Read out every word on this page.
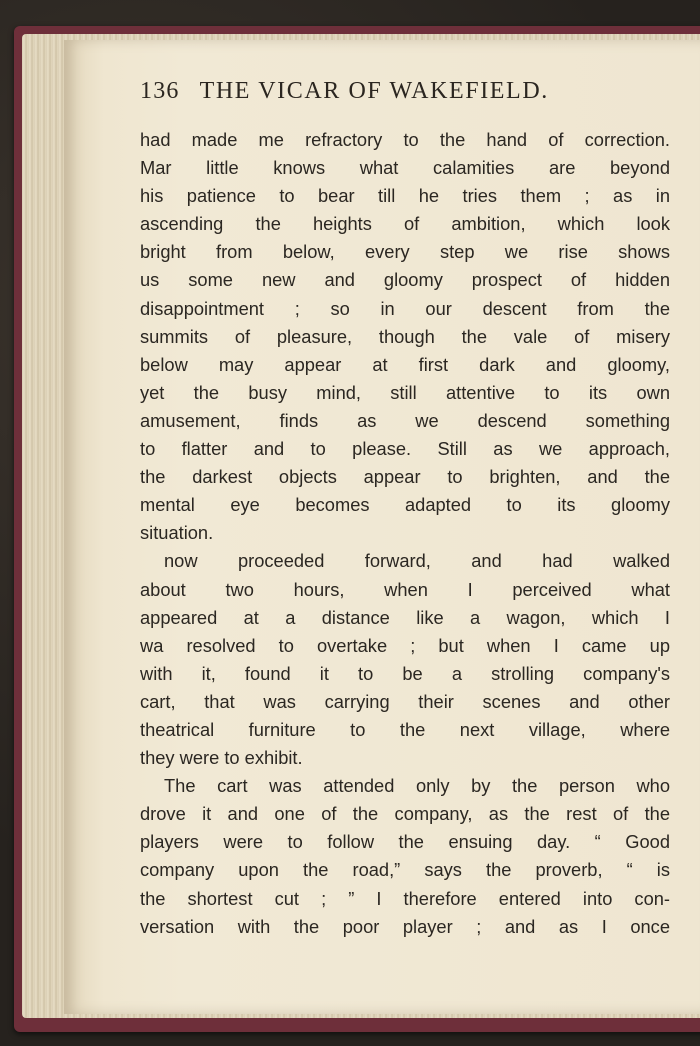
136 THE VICAR OF WAKEFIELD.
had made me refractory to the hand of correction.
Mar little knows what calamities are beyond
his patience to bear till he tries them ; as in
ascending the heights of ambition, which look
bright from below, every step we rise shows
us some new and gloomy prospect of hidden
disappointment ; so in our descent from the
summits of pleasure, though the vale of misery
below may appear at first dark and gloomy,
yet the busy mind, still attentive to its own
amusement, finds as we descend something
to flatter and to please. Still as we approach,
the darkest objects appear to brighten, and the
mental eye becomes adapted to its gloomy
situation.
now proceeded forward, and had walked
about two hours, when I perceived what
appeared at a distance like a wagon, which I
wa resolved to overtake ; but when I came up
with it, found it to be a strolling company's
cart, that was carrying their scenes and other
theatrical furniture to the next village, where
they were to exhibit.
The cart was attended only by the person who
drove it and one of the company, as the rest of the
players were to follow the ensuing day. “ Good
company upon the road,” says the proverb, “ is
the shortest cut ; ” I therefore entered into con-
versation with the poor player ; and as I once
